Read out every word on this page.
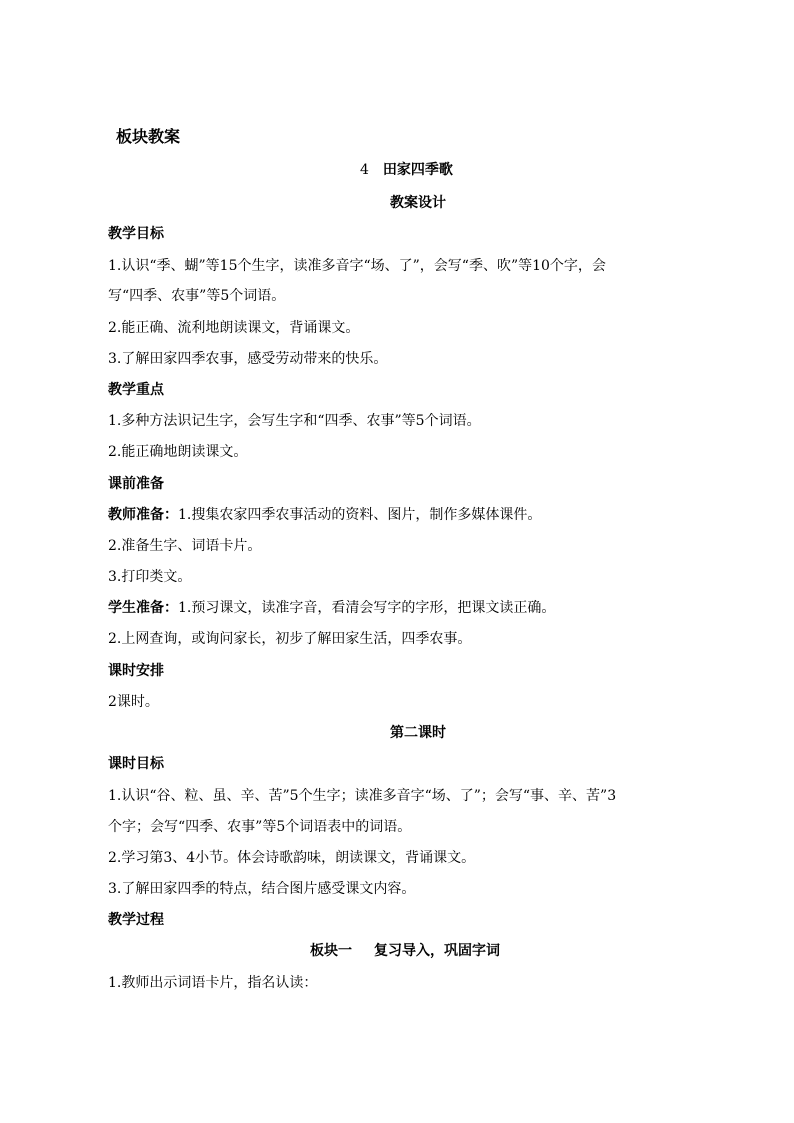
板块教案
4 田家四季歌
教案设计
教学目标
1.认识“季、蝴”等15个生字，读准多音字“场、了”，会写“季、吹”等10个字，会
写“四季、农事”等5个词语。
2.能正确、流利地朗读课文，背诵课文。
3.了解田家四季农事，感受劳动带来的快乐。
教学重点
1.多种方法识记生字，会写生字和“四季、农事”等5个词语。
2.能正确地朗读课文。
课前准备
教师准备：1.搜集农家四季农事活动的资料、图片，制作多媒体课件。
2.准备生字、词语卡片。
3.打印类文。
学生准备：1.预习课文，读准字音，看清会写字的字形，把课文读正确。
2.上网查询，或询问家长，初步了解田家生活，四季农事。
课时安排
2课时。
第二课时
课时目标
1.认识“谷、粒、虽、辛、苦”5个生字；读准多音字“场、了”；会写“事、辛、苦”3
个字；会写“四季、农事”等5个词语表中的词语。
2.学习第3、4小节。体会诗歌韵味，朗读课文，背诵课文。
3.了解田家四季的特点，结合图片感受课文内容。
教学过程
板块一 复习导入，巩固字词
1.教师出示词语卡片，指名认读：
